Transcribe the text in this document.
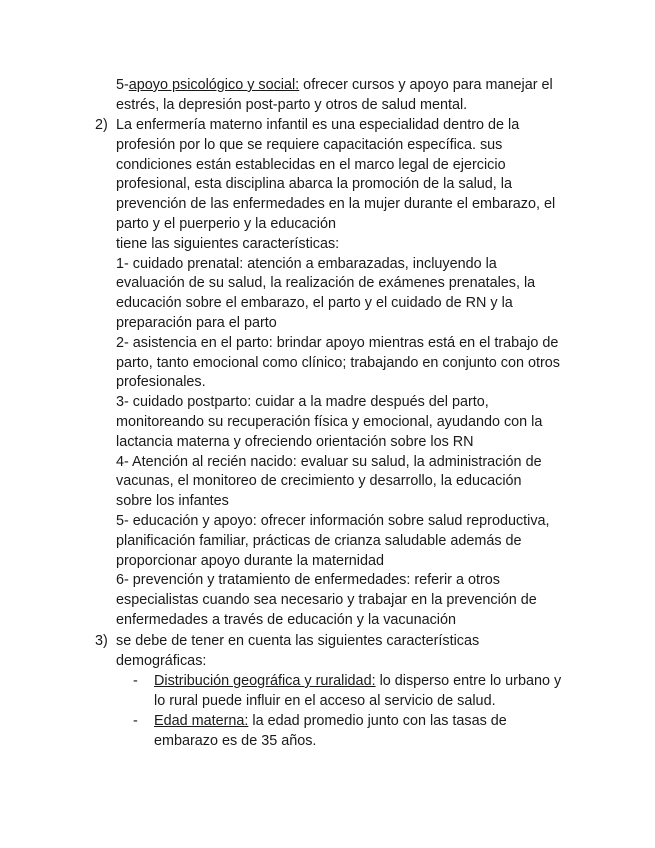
5-apoyo psicológico y social: ofrecer cursos y apoyo para manejar el
estrés, la depresión post-parto y otros de salud mental.
2) La enfermería materno infantil es una especialidad dentro de la
profesión por lo que se requiere capacitación específica. sus
condiciones están establecidas en el marco legal de ejercicio
profesional, esta disciplina abarca la promoción de la salud, la
prevención de las enfermedades en la mujer durante el embarazo, el
parto y el puerperio y la educación
tiene las siguientes características:
1- cuidado prenatal: atención a embarazadas, incluyendo la
evaluación de su salud, la realización de exámenes prenatales, la
educación sobre el embarazo, el parto y el cuidado de RN y la
preparación para el parto
2- asistencia en el parto: brindar apoyo mientras está en el trabajo de
parto, tanto emocional como clínico; trabajando en conjunto con otros
profesionales.
3- cuidado postparto: cuidar a la madre después del parto,
monitoreando su recuperación física y emocional, ayudando con la
lactancia materna y ofreciendo orientación sobre los RN
4- Atención al recién nacido: evaluar su salud, la administración de
vacunas, el monitoreo de crecimiento y desarrollo, la educación
sobre los infantes
5- educación y apoyo: ofrecer información sobre salud reproductiva,
planificación familiar, prácticas de crianza saludable además de
proporcionar apoyo durante la maternidad
6- prevención y tratamiento de enfermedades: referir a otros
especialistas cuando sea necesario y trabajar en la prevención de
enfermedades a través de educación y la vacunación
3) se debe de tener en cuenta las siguientes características
demográficas:
- Distribución geográfica y ruralidad: lo disperso entre lo urbano y
lo rural puede influir en el acceso al servicio de salud.
- Edad materna: la edad promedio junto con las tasas de
embarazo es de 35 años.
